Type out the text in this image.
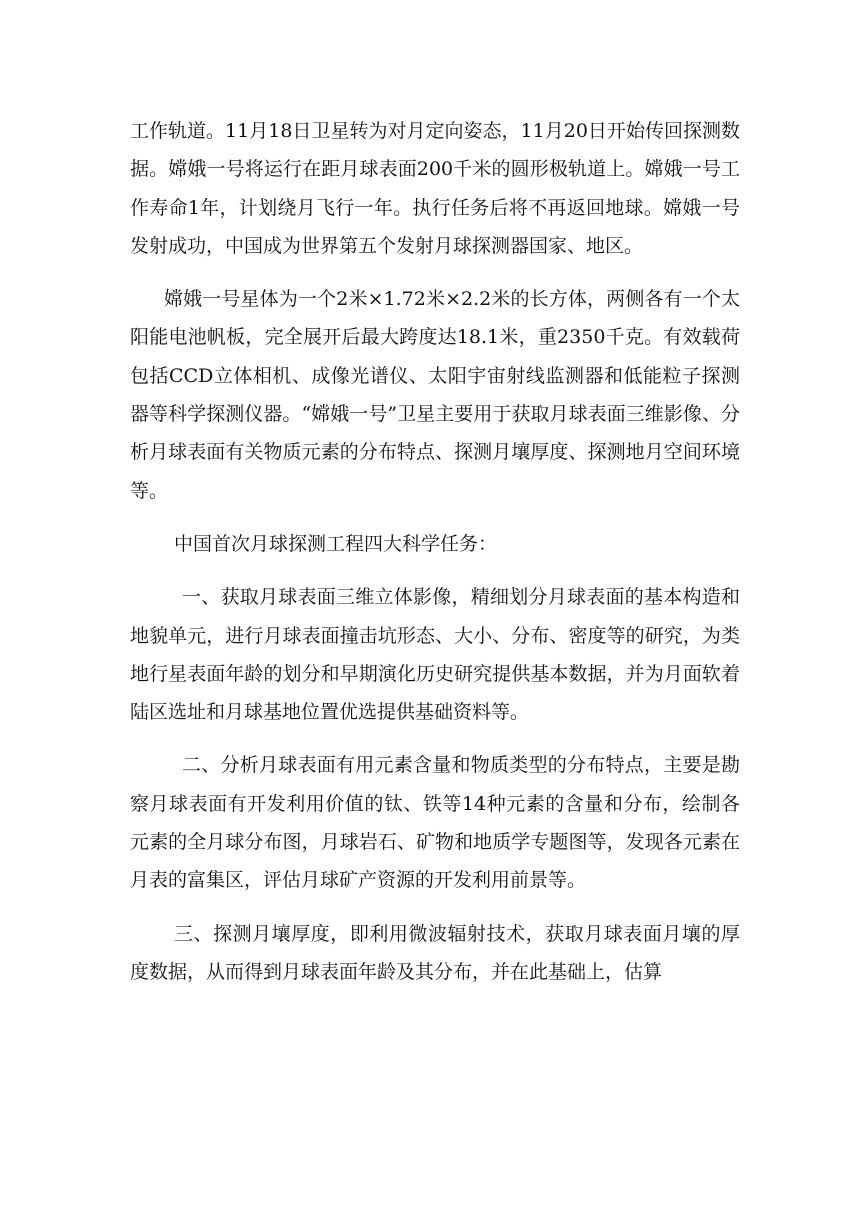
工作轨道。11月18日卫星转为对月定向姿态，11月20日开始传回探测数据。嫦娥一号将运行在距月球表面200千米的圆形极轨道上。嫦娥一号工作寿命1年，计划绕月飞行一年。执行任务后将不再返回地球。嫦娥一号发射成功，中国成为世界第五个发射月球探测器国家、地区。

嫦娥一号星体为一个2米×1.72米×2.2米的长方体，两侧各有一个太阳能电池帆板，完全展开后最大跨度达18.1米，重2350千克。有效载荷包括CCD立体相机、成像光谱仪、太阳宇宙射线监测器和低能粒子探测器等科学探测仪器。“嫦娥一号”卫星主要用于获取月球表面三维影像、分析月球表面有关物质元素的分布特点、探测月壤厚度、探测地月空间环境等。

中国首次月球探测工程四大科学任务：

一、获取月球表面三维立体影像，精细划分月球表面的基本构造和地貌单元，进行月球表面撞击坑形态、大小、分布、密度等的研究，为类地行星表面年龄的划分和早期演化历史研究提供基本数据，并为月面软着陆区选址和月球基地位置优选提供基础资料等。

二、分析月球表面有用元素含量和物质类型的分布特点，主要是勘察月球表面有开发利用价值的钛、铁等14种元素的含量和分布，绘制各元素的全月球分布图，月球岩石、矿物和地质学专题图等，发现各元素在月表的富集区，评估月球矿产资源的开发利用前景等。

三、探测月壤厚度，即利用微波辐射技术，获取月球表面月壤的厚度数据，从而得到月球表面年龄及其分布，并在此基础上，估算
